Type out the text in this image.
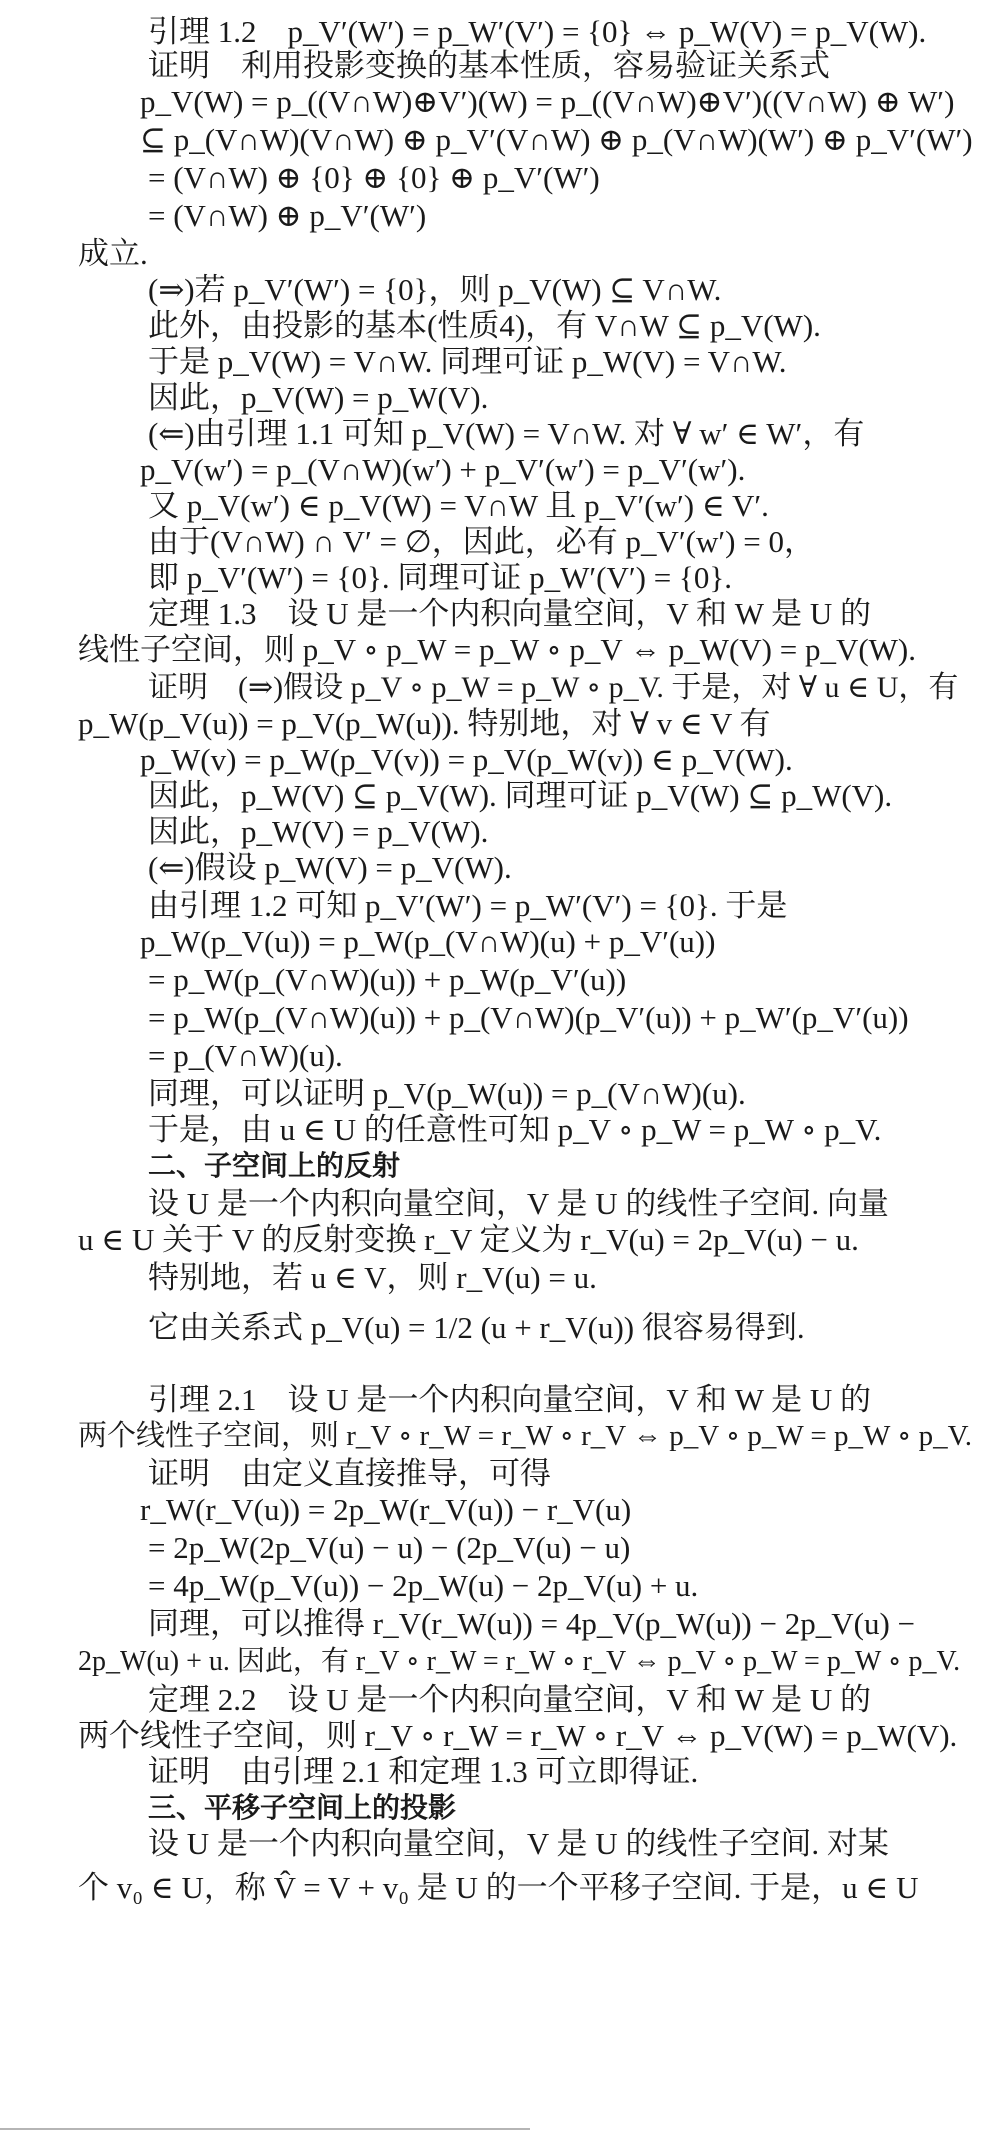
引理 1.2　p_V′(W′) = p_W′(V′) = {0} ⇔ p_W(V) = p_V(W).
证明　利用投影变换的基本性质，容易验证关系式
p_V(W) = p_((V∩W)⊕V′)(W) = p_((V∩W)⊕V′)((V∩W) ⊕ W′)
⊆ p_(V∩W)(V∩W) ⊕ p_V′(V∩W) ⊕ p_(V∩W)(W′) ⊕ p_V′(W′)
= (V∩W) ⊕ {0} ⊕ {0} ⊕ p_V′(W′)
= (V∩W) ⊕ p_V′(W′)
成立.
(⇒)若 p_V′(W′) = {0}，则 p_V(W) ⊆ V∩W.
此外，由投影的基本(性质4)，有 V∩W ⊆ p_V(W).
于是 p_V(W) = V∩W. 同理可证 p_W(V) = V∩W.
因此，p_V(W) = p_W(V).
(⇐)由引理 1.1 可知 p_V(W) = V∩W. 对 ∀ w′ ∈ W′，有
p_V(w′) = p_(V∩W)(w′) + p_V′(w′) = p_V′(w′).
又 p_V(w′) ∈ p_V(W) = V∩W 且 p_V′(w′) ∈ V′.
由于(V∩W) ∩ V′ = ∅，因此，必有 p_V′(w′) = 0，
即 p_V′(W′) = {0}. 同理可证 p_W′(V′) = {0}.
定理 1.3　设 U 是一个内积向量空间，V 和 W 是 U 的
线性子空间，则 p_V ∘ p_W = p_W ∘ p_V ⇔ p_W(V) = p_V(W).
证明　(⇒)假设 p_V ∘ p_W = p_W ∘ p_V. 于是，对 ∀ u ∈ U，有
p_W(p_V(u)) = p_V(p_W(u)). 特别地，对 ∀ v ∈ V 有
p_W(v) = p_W(p_V(v)) = p_V(p_W(v)) ∈ p_V(W).
因此，p_W(V) ⊆ p_V(W). 同理可证 p_V(W) ⊆ p_W(V).
因此，p_W(V) = p_V(W).
(⇐)假设 p_W(V) = p_V(W).
由引理 1.2 可知 p_V′(W′) = p_W′(V′) = {0}. 于是
p_W(p_V(u)) = p_W(p_(V∩W)(u) + p_V′(u))
= p_W(p_(V∩W)(u)) + p_W(p_V′(u))
= p_W(p_(V∩W)(u)) + p_(V∩W)(p_V′(u)) + p_W′(p_V′(u))
= p_(V∩W)(u).
同理，可以证明 p_V(p_W(u)) = p_(V∩W)(u).
于是，由 u ∈ U 的任意性可知 p_V ∘ p_W = p_W ∘ p_V.
二、子空间上的反射
设 U 是一个内积向量空间，V 是 U 的线性子空间. 向量
u ∈ U 关于 V 的反射变换 r_V 定义为 r_V(u) = 2p_V(u) − u.
特别地，若 u ∈ V，则 r_V(u) = u.
它由关系式 p_V(u) = 1/2 (u + r_V(u)) 很容易得到.
引理 2.1　设 U 是一个内积向量空间，V 和 W 是 U 的
两个线性子空间，则 r_V ∘ r_W = r_W ∘ r_V ⇔ p_V ∘ p_W = p_W ∘ p_V.
证明　由定义直接推导，可得
r_W(r_V(u)) = 2p_W(r_V(u)) − r_V(u)
= 2p_W(2p_V(u) − u) − (2p_V(u) − u)
= 4p_W(p_V(u)) − 2p_W(u) − 2p_V(u) + u.
同理，可以推得 r_V(r_W(u)) = 4p_V(p_W(u)) − 2p_V(u) −
2p_W(u) + u. 因此，有 r_V ∘ r_W = r_W ∘ r_V ⇔ p_V ∘ p_W = p_W ∘ p_V.
定理 2.2　设 U 是一个内积向量空间，V 和 W 是 U 的
两个线性子空间，则 r_V ∘ r_W = r_W ∘ r_V ⇔ p_V(W) = p_W(V).
证明　由引理 2.1 和定理 1.3 可立即得证.
三、平移子空间上的投影
设 U 是一个内积向量空间，V 是 U 的线性子空间. 对某
个 v₀ ∈ U，称 V̂ = V + v₀ 是 U 的一个平移子空间. 于是，u ∈ U
